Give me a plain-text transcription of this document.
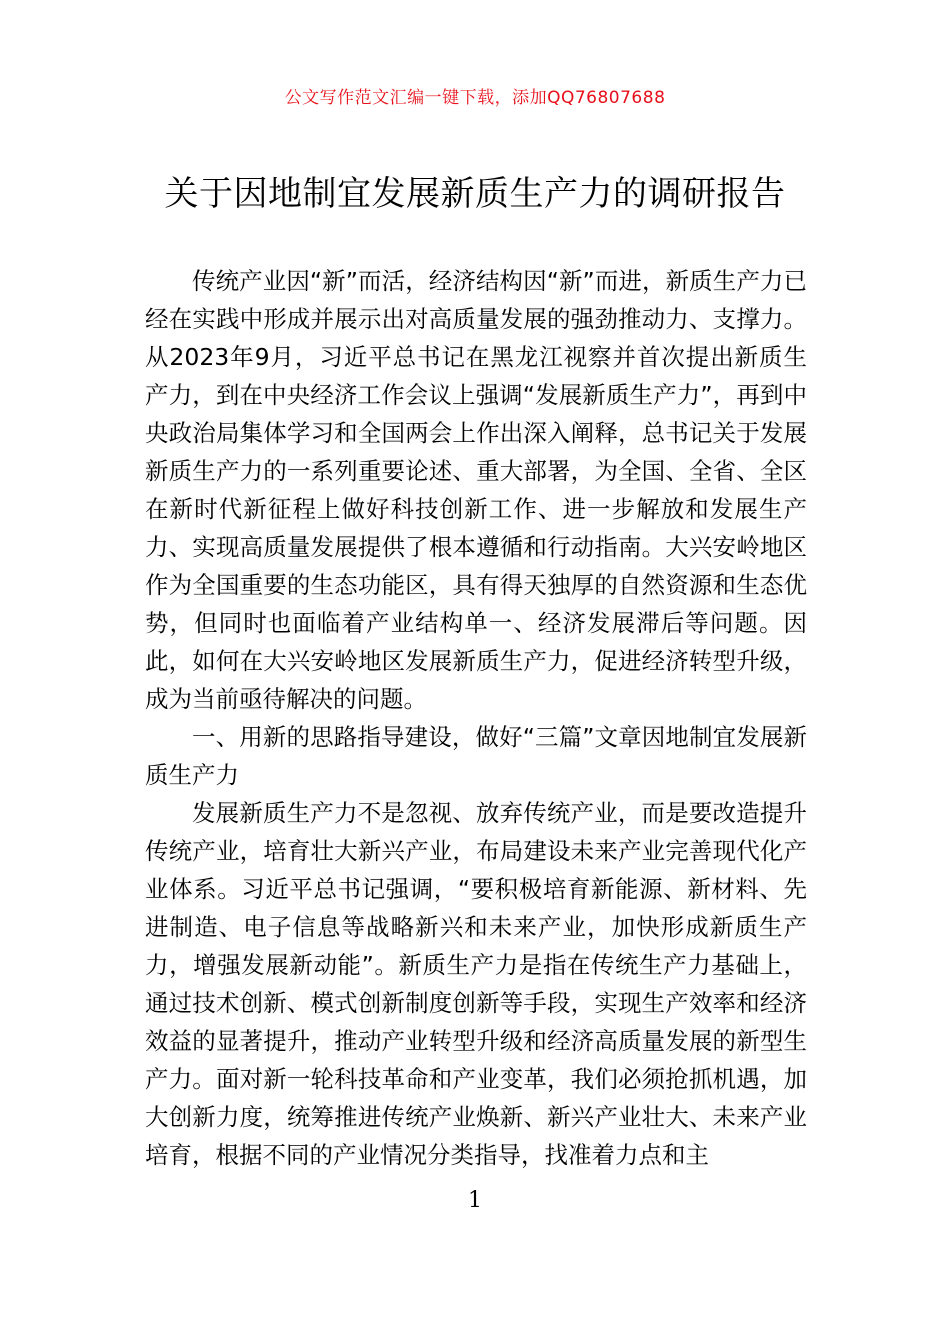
公文写作范文汇编一键下载，添加QQ76807688
关于因地制宜发展新质生产力的调研报告

传统产业因“新”而活，经济结构因“新”而进，新质生产力已经在实践中形成并展示出对高质量发展的强劲推动力、支撑力。从2023年9月，习近平总书记在黑龙江视察并首次提出新质生产力，到在中央经济工作会议上强调“发展新质生产力”，再到中央政治局集体学习和全国两会上作出深入阐释，总书记关于发展新质生产力的一系列重要论述、重大部署，为全国、全省、全区在新时代新征程上做好科技创新工作、进一步解放和发展生产力、实现高质量发展提供了根本遵循和行动指南。大兴安岭地区作为全国重要的生态功能区，具有得天独厚的自然资源和生态优势，但同时也面临着产业结构单一、经济发展滞后等问题。因此，如何在大兴安岭地区发展新质生产力，促进经济转型升级，成为当前亟待解决的问题。

一、用新的思路指导建设，做好“三篇”文章因地制宜发展新质生产力

发展新质生产力不是忽视、放弃传统产业，而是要改造提升传统产业，培育壮大新兴产业，布局建设未来产业完善现代化产业体系。习近平总书记强调，“要积极培育新能源、新材料、先进制造、电子信息等战略新兴和未来产业，加快形成新质生产力，增强发展新动能”。新质生产力是指在传统生产力基础上，通过技术创新、模式创新制度创新等手段，实现生产效率和经济效益的显著提升，推动产业转型升级和经济高质量发展的新型生产力。面对新一轮科技革命和产业变革，我们必须抢抓机遇，加大创新力度，统筹推进传统产业焕新、新兴产业壮大、未来产业培育，根据不同的产业情况分类指导，找准着力点和主

1
